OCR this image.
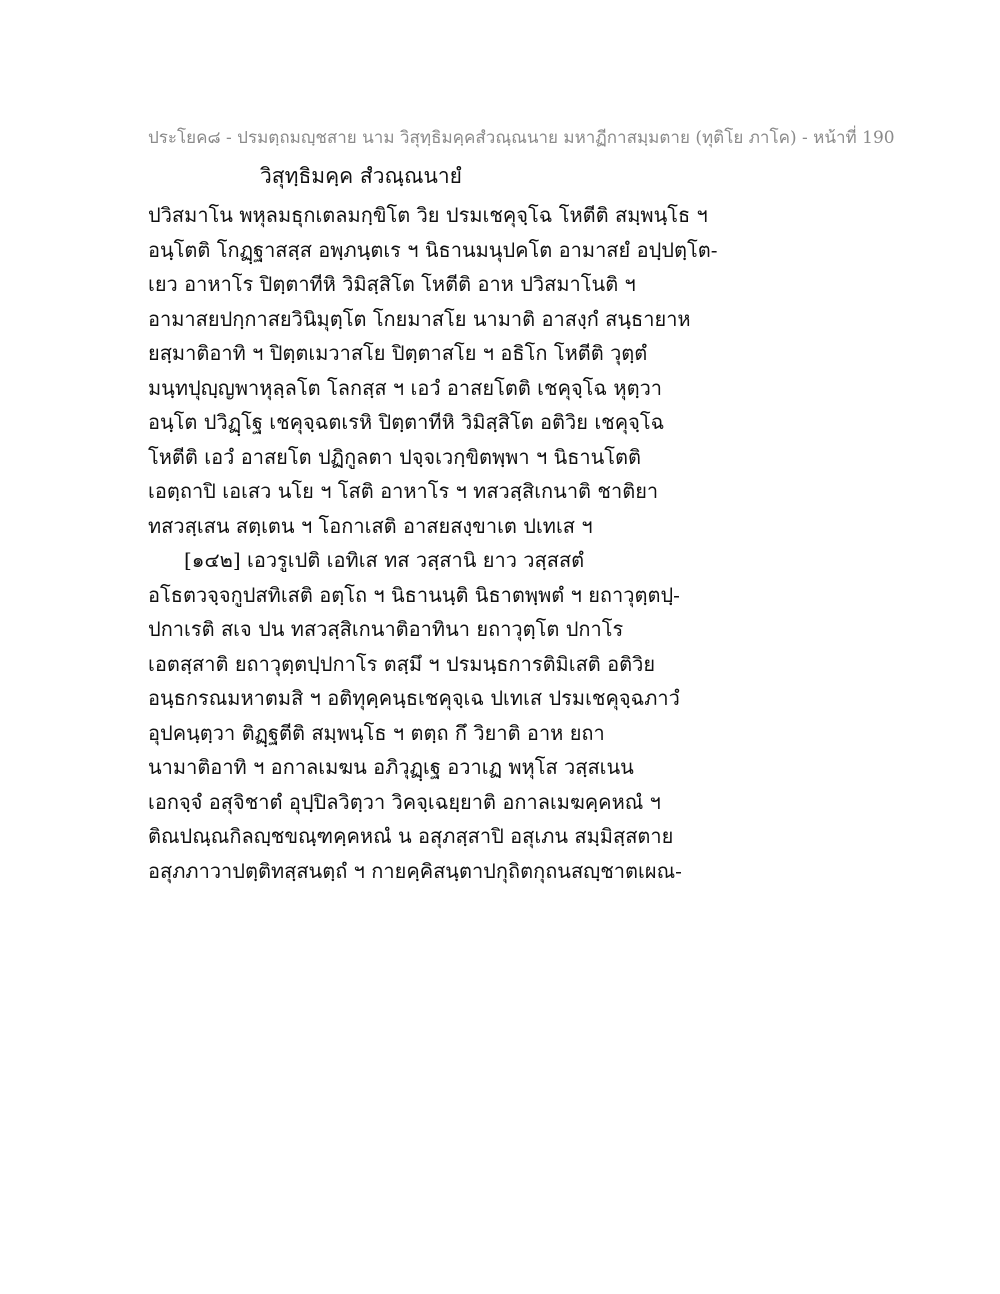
ประโยค๘ - ปรมตฺถมญฺชสาย นาม วิสุทฺธิมคฺคสํวณฺณนาย มหาฏีกาสมฺมตาย (ทุติโย ภาโค) - หน้าที่ 190
วิสุทฺธิมคฺค สํวณฺณนายํ
ปวิสมาโน พหุลมธุกเตลมกฺขิโต วิย ปรมเชคุจฺโฉ โหตีติ สมฺพนฺโธ ฯ
อนฺโตติ โกฏฺฐาสสฺส อพฺภนฺตเร ฯ นิธานมนุปคโต อามาสยํ อปฺปตฺโต-
เยว อาหาโร ปิตฺตาทีหิ วิมิสฺสิโต โหตีติ อาห ปวิสมาโนติ ฯ
อามาสยปกฺกาสยวินิมุตฺโต โกยมาสโย นามาติ อาสงฺกํ สนฺธายาห
ยสฺมาติอาทิ ฯ ปิตฺตเมวาสโย ปิตฺตาสโย ฯ อธิโก โหตีติ วุตฺตํ
มนฺทปุญฺญพาหุลฺลโต โลกสฺส ฯ เอวํ อาสยโตติ เชคุจฺโฉ หุตฺวา
อนฺโต ปวิฏฺโฐ เชคุจฺฉตเรหิ ปิตฺตาทีหิ วิมิสฺสิโต อติวิย เชคุจฺโฉ
โหตีติ เอวํ อาสยโต ปฏิกูลตา ปจฺจเวกฺขิตพฺพา ฯ นิธานโตติ
เอตฺถาปิ เอเสว นโย ฯ โสติ อาหาโร ฯ ทสวสฺสิเกนาติ ชาติยา
ทสวสฺเสน สตฺเตน ฯ โอกาเสติ อาสยสงฺขาเต ปเทเส ฯ
[๑๔๒] เอวรูเปติ เอทิเส ทส วสฺสานิ ยาว วสฺสสตํ
อโธตวจฺจกูปสทิเสติ อตฺโถ ฯ นิธานนฺติ นิธาตพฺพตํ ฯ ยถาวุตฺตปฺ-
ปกาเรติ สเจ ปน ทสวสฺสิเกนาติอาทินา ยถาวุตฺโต ปกาโร
เอตสฺสาติ ยถาวุตฺตปฺปกาโร ตสฺมึ ฯ ปรมนฺธการติมิเสติ อติวิย
อนฺธกรณมหาตมสิ ฯ อติทุคฺคนฺธเชคุจฺเฉ ปเทเส ปรมเชคุจฺฉภาวํ
อุปคนฺตฺวา ติฏฺฐตีติ สมฺพนฺโธ ฯ ตตฺถ กึ วิยาติ อาห ยถา
นามาติอาทิ ฯ อกาลเมฆน อภิวุฏฺเฐ อวาเฏ พหุโส วสฺสเนน
เอกจฺจํ อสุจิชาตํ อุปฺปิลวิตฺวา วิคจฺเฉยฺยาติ อกาลเมฆคฺคหณํ ฯ
ติณปณฺณกิลญฺชขณฺฑคฺคหณํ น อสุภสฺสาปิ อสุเภน สมฺมิสฺสตาย
อสุภภาวาปตฺติทสฺสนตฺถํ ฯ กายคฺคิสนฺตาปกุถิตกุถนสญฺชาตเผณ-
